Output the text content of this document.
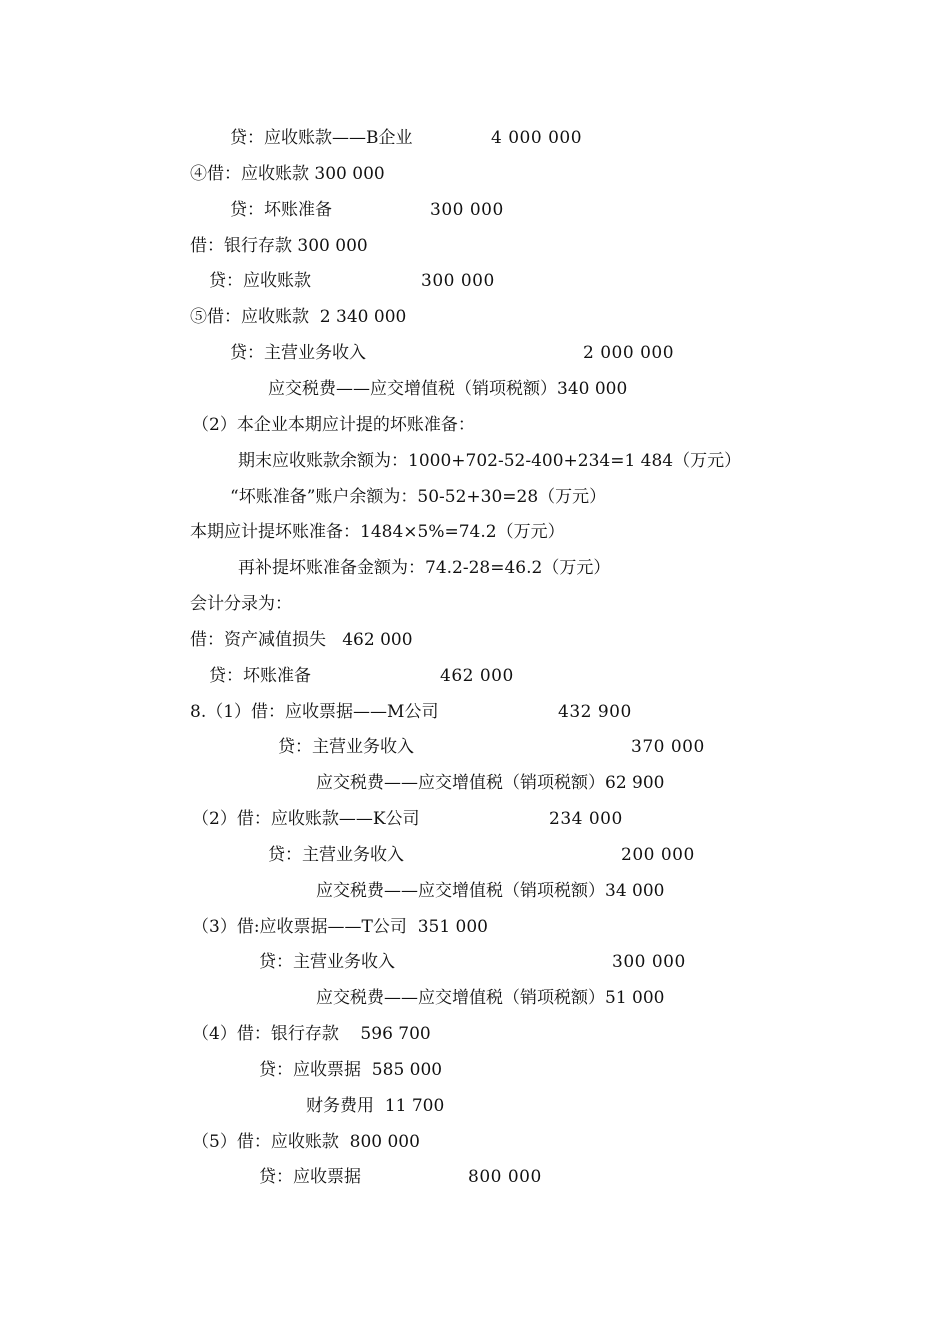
贷：应收账款——B企业	4 000 000
④借：应收账款 300 000
贷：坏账准备	300 000
借：银行存款 300 000
贷：应收账款	300 000
⑤借：应收账款  2 340 000
贷：主营业务收入	2 000 000
应交税费——应交增值税（销项税额）340 000
（2）本企业本期应计提的坏账准备：
期末应收账款余额为：1000+702-52-400+234=1 484（万元）
“坏账准备”账户余额为：50-52+30=28（万元）
本期应计提坏账准备：1484×5%=74.2（万元）
再补提坏账准备金额为：74.2-28=46.2（万元）
会计分录为：
借：资产减值损失   462 000
贷：坏账准备	462 000
8.（1）借：应收票据——M公司	432 900
贷：主营业务收入	370 000
应交税费——应交增值税（销项税额）62 900
（2）借：应收账款——K公司	234 000
贷：主营业务收入	200 000
应交税费——应交增值税（销项税额）34 000
（3）借:应收票据——T公司  351 000
贷：主营业务收入	300 000
应交税费——应交增值税（销项税额）51 000
（4）借：银行存款    596 700
贷：应收票据  585 000
财务费用  11 700
（5）借：应收账款  800 000
贷：应收票据	800 000
